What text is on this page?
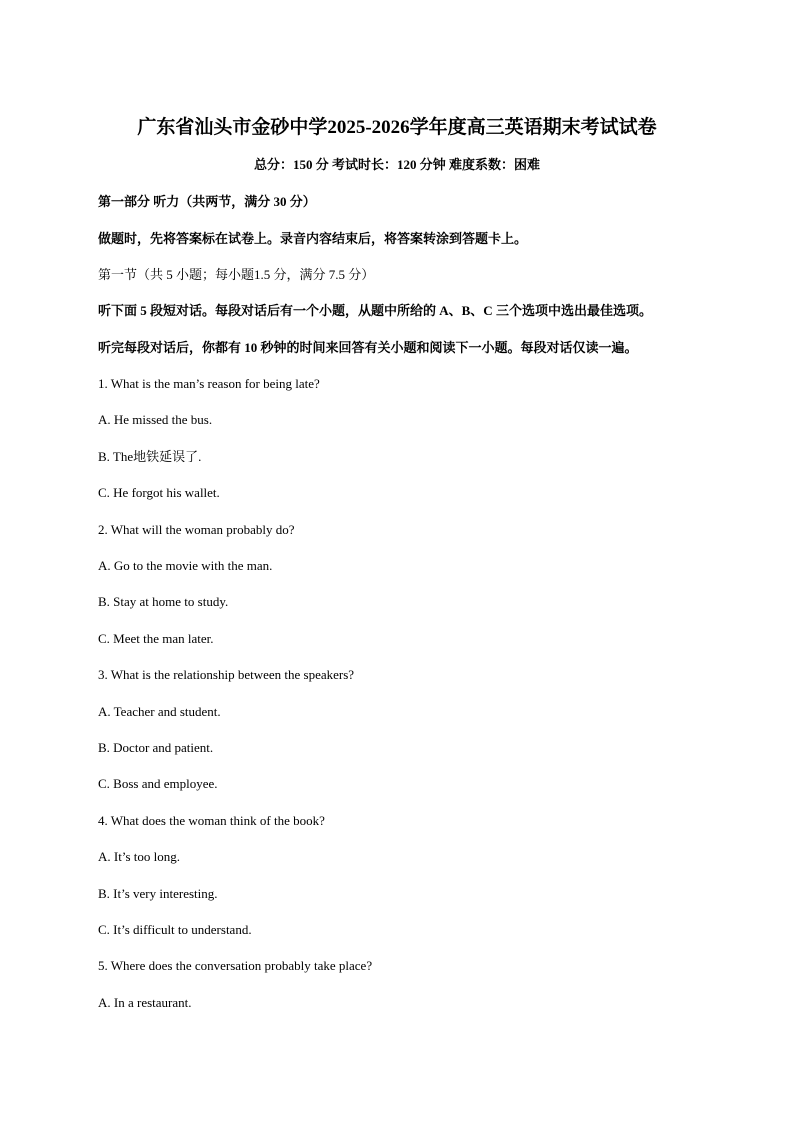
广东省汕头市金砂中学2025-2026学年度高三英语期末考试试卷
总分：150 分 考试时长：120 分钟 难度系数：困难
第一部分 听力（共两节，满分 30 分）
做题时，先将答案标在试卷上。录音内容结束后，将答案转涂到答题卡上。
第一节（共 5 小题；每小题1.5 分，满分 7.5 分）
听下面 5 段短对话。每段对话后有一个小题，从题中所给的 A、B、C 三个选项中选出最佳选项。
听完每段对话后，你都有 10 秒钟的时间来回答有关小题和阅读下一小题。每段对话仅读一遍。
1. What is the man’s reason for being late?
A. He missed the bus.
B. The地铁延误了.
C. He forgot his wallet.
2. What will the woman probably do?
A. Go to the movie with the man.
B. Stay at home to study.
C. Meet the man later.
3. What is the relationship between the speakers?
A. Teacher and student.
B. Doctor and patient.
C. Boss and employee.
4. What does the woman think of the book?
A. It’s too long.
B. It’s very interesting.
C. It’s difficult to understand.
5. Where does the conversation probably take place?
A. In a restaurant.
